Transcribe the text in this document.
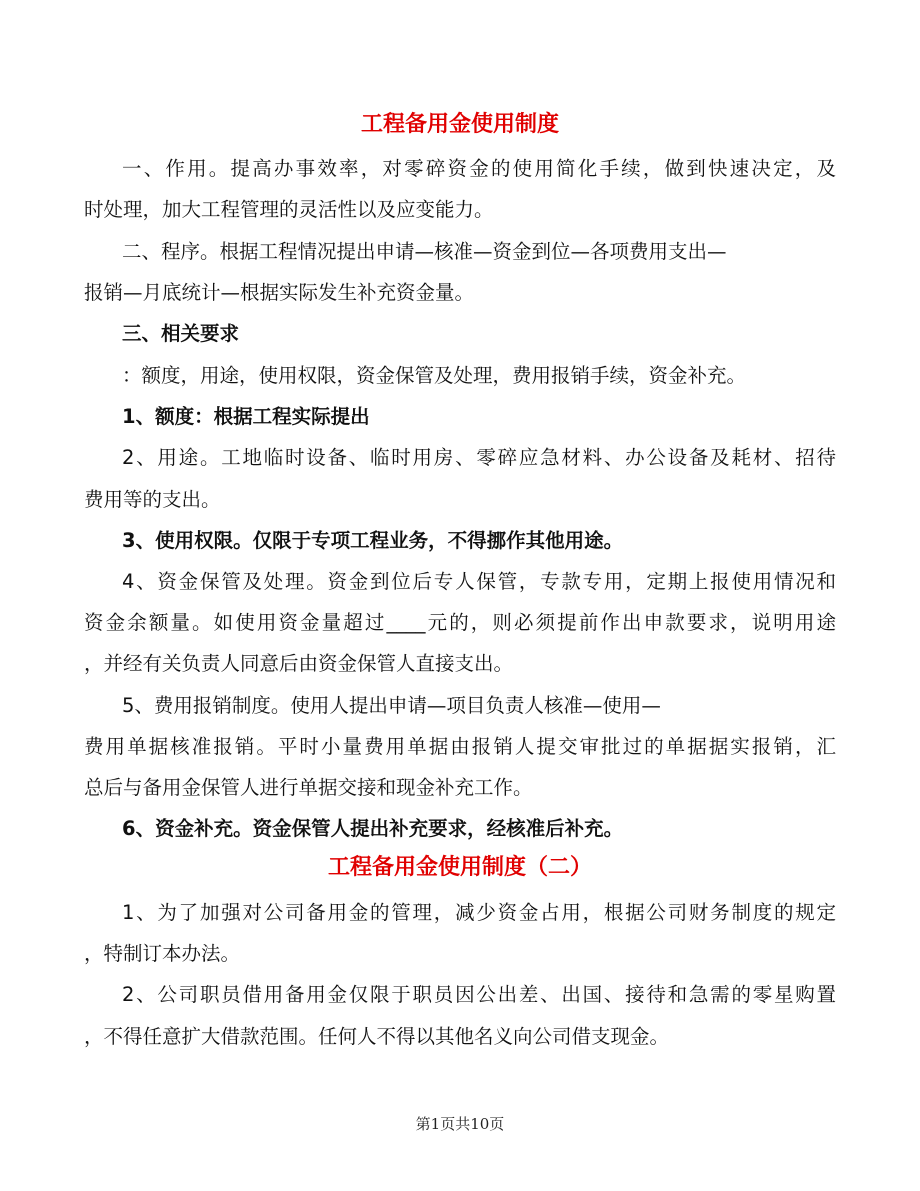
工程备用金使用制度
一、作用。提高办事效率，对零碎资金的使用简化手续，做到快速决定，及
时处理，加大工程管理的灵活性以及应变能力。
二、程序。根据工程情况提出申请—核准—资金到位—各项费用支出—
报销—月底统计—根据实际发生补充资金量。
三、相关要求
：额度，用途，使用权限，资金保管及处理，费用报销手续，资金补充。
1、额度：根据工程实际提出
2、用途。工地临时设备、临时用房、零碎应急材料、办公设备及耗材、招待
费用等的支出。
3、使用权限。仅限于专项工程业务，不得挪作其他用途。
4、资金保管及处理。资金到位后专人保管，专款专用，定期上报使用情况和
资金余额量。如使用资金量超过____元的，则必须提前作出申款要求，说明用途
，并经有关负责人同意后由资金保管人直接支出。
5、费用报销制度。使用人提出申请—项目负责人核准—使用—
费用单据核准报销。平时小量费用单据由报销人提交审批过的单据据实报销，汇
总后与备用金保管人进行单据交接和现金补充工作。
6、资金补充。资金保管人提出补充要求，经核准后补充。
工程备用金使用制度（二）
1、为了加强对公司备用金的管理，减少资金占用，根据公司财务制度的规定
，特制订本办法。
2、公司职员借用备用金仅限于职员因公出差、出国、接待和急需的零星购置
，不得任意扩大借款范围。任何人不得以其他名义向公司借支现金。
第1页共10页
